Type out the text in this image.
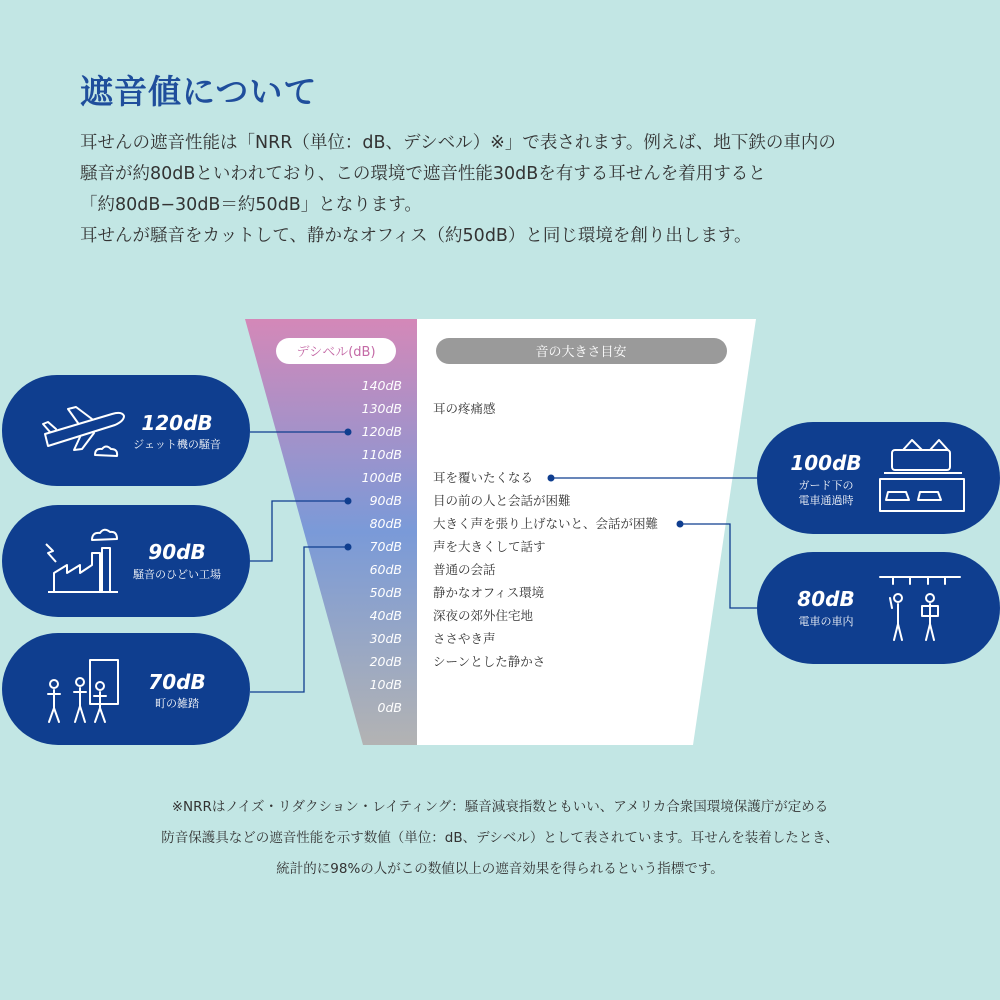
遮音値について
耳せんの遮音性能は「NRR（単位：dB、デシベル）※」で表されます。例えば、地下鉄の車内の
騒音が約80dBといわれており、この環境で遮音性能30dBを有する耳せんを着用すると
「約80dB−30dB＝約50dB」となります。
耳せんが騒音をカットして、静かなオフィス（約50dB）と同じ環境を創り出します。
デシベル(dB)	音の大きさ目安
140dB
130dB 耳の疼痛感
120dB
110dB
100dB 耳を覆いたくなる
90dB 目の前の人と会話が困難
80dB 大きく声を張り上げないと、会話が困難
70dB 声を大きくして話す
60dB 普通の会話
50dB 静かなオフィス環境
40dB 深夜の郊外住宅地
30dB ささやき声
20dB シーンとした静かさ
10dB
0dB
120dB
ジェット機の騒音
90dB
騒音のひどい工場
70dB
町の雑踏
100dB
ガード下の
電車通過時
80dB
電車の車内
※NRRはノイズ・リダクション・レイティング：騒音減衰指数ともいい、アメリカ合衆国環境保護庁が定める
防音保護具などの遮音性能を示す数値（単位：dB、デシベル）として表されています。耳せんを装着したとき、
統計的に98%の人がこの数値以上の遮音効果を得られるという指標です。
